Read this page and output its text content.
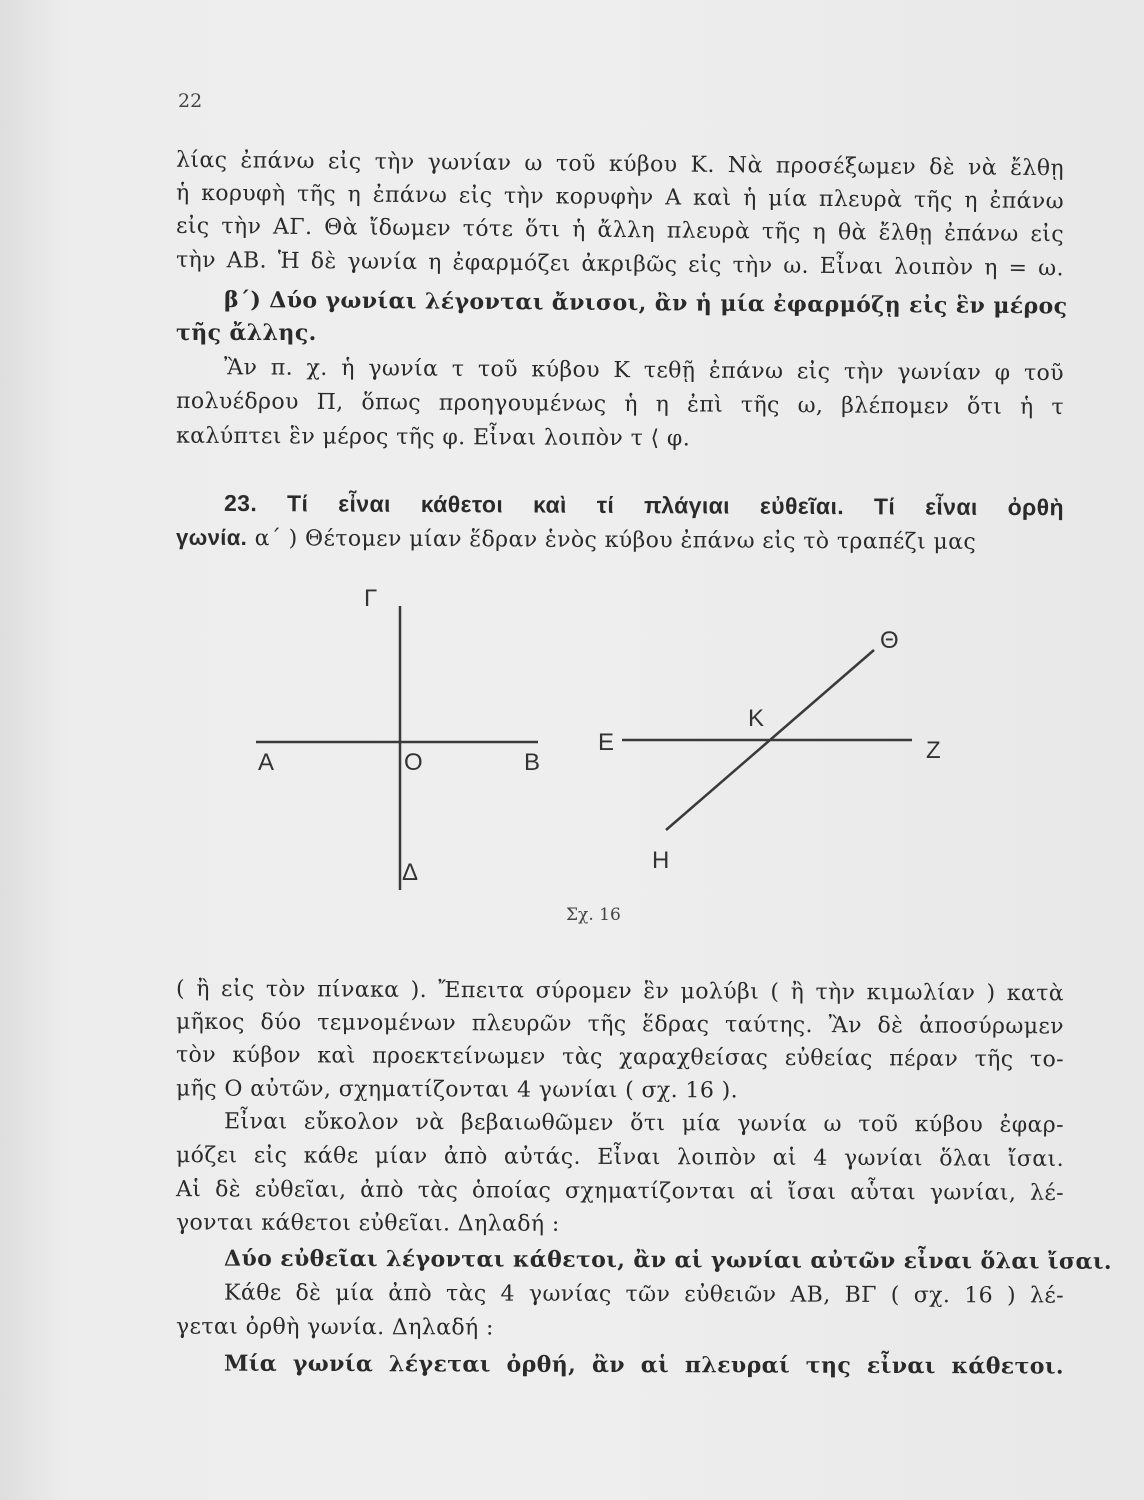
22
λίας ἐπάνω εἰς τὴν γωνίαν ω τοῦ κύβου Κ. Νὰ προσέξωμεν δὲ νὰ ἔλθῃ
ἡ κορυφὴ τῆς η ἐπάνω εἰς τὴν κορυφὴν Α καὶ ἡ μία πλευρὰ τῆς η ἐπάνω
εἰς τὴν ΑΓ. Θὰ ἴδωμεν τότε ὅτι ἡ ἄλλη πλευρὰ τῆς η θὰ ἔλθῃ ἐπάνω εἰς
τὴν ΑΒ. Ἡ δὲ γωνία η ἐφαρμόζει ἀκριβῶς εἰς τὴν ω. Εἶναι λοιπὸν η = ω.
β΄) Δύο γωνίαι λέγονται ἄνισοι, ἂν ἡ μία ἐφαρμόζῃ εἰς ἓν μέρος
τῆς ἄλλης.
Ἂν π. χ. ἡ γωνία τ τοῦ κύβου Κ τεθῇ ἐπάνω εἰς τὴν γωνίαν φ τοῦ
πολυέδρου Π, ὅπως προηγουμένως ἡ η ἐπὶ τῆς ω, βλέπομεν ὅτι ἡ τ
καλύπτει ἓν μέρος τῆς φ. Εἶναι λοιπὸν τ ⟨ φ.
23. Τί εἶναι κάθετοι καὶ τί πλάγιαι εὐθεῖαι. Τί εἶναι ὀρθὴ
γωνία. α΄ ) Θέτομεν μίαν ἕδραν ἑνὸς κύβου ἐπάνω εἰς τὸ τραπέζι μας
Γ
Α	Ο	Β
Δ
Θ
Κ
Ε	Ζ
Η
Σχ. 16
( ἢ εἰς τὸν πίνακα ). Ἔπειτα σύρομεν ἓν μολύβι ( ἢ τὴν κιμωλίαν ) κατὰ
μῆκος δύο τεμνομένων πλευρῶν τῆς ἕδρας ταύτης. Ἂν δὲ ἀποσύρωμεν
τὸν κύβον καὶ προεκτείνωμεν τὰς χαραχθείσας εὐθείας πέραν τῆς το-
μῆς Ο αὐτῶν, σχηματίζονται 4 γωνίαι ( σχ. 16 ).
Εἶναι εὔκολον νὰ βεβαιωθῶμεν ὅτι μία γωνία ω τοῦ κύβου ἐφαρ-
μόζει εἰς κάθε μίαν ἀπὸ αὐτάς. Εἶναι λοιπὸν αἱ 4 γωνίαι ὅλαι ἴσαι.
Αἱ δὲ εὐθεῖαι, ἀπὸ τὰς ὁποίας σχηματίζονται αἱ ἴσαι αὗται γωνίαι, λέ-
γονται κάθετοι εὐθεῖαι. Δηλαδή :
Δύο εὐθεῖαι λέγονται κάθετοι, ἂν αἱ γωνίαι αὐτῶν εἶναι ὅλαι ἴσαι.
Κάθε δὲ μία ἀπὸ τὰς 4 γωνίας τῶν εὐθειῶν ΑΒ, ΒΓ ( σχ. 16 ) λέ-
γεται ὀρθὴ γωνία. Δηλαδή :
Μία γωνία λέγεται ὀρθή, ἂν αἱ πλευραί της εἶναι κάθετοι.
